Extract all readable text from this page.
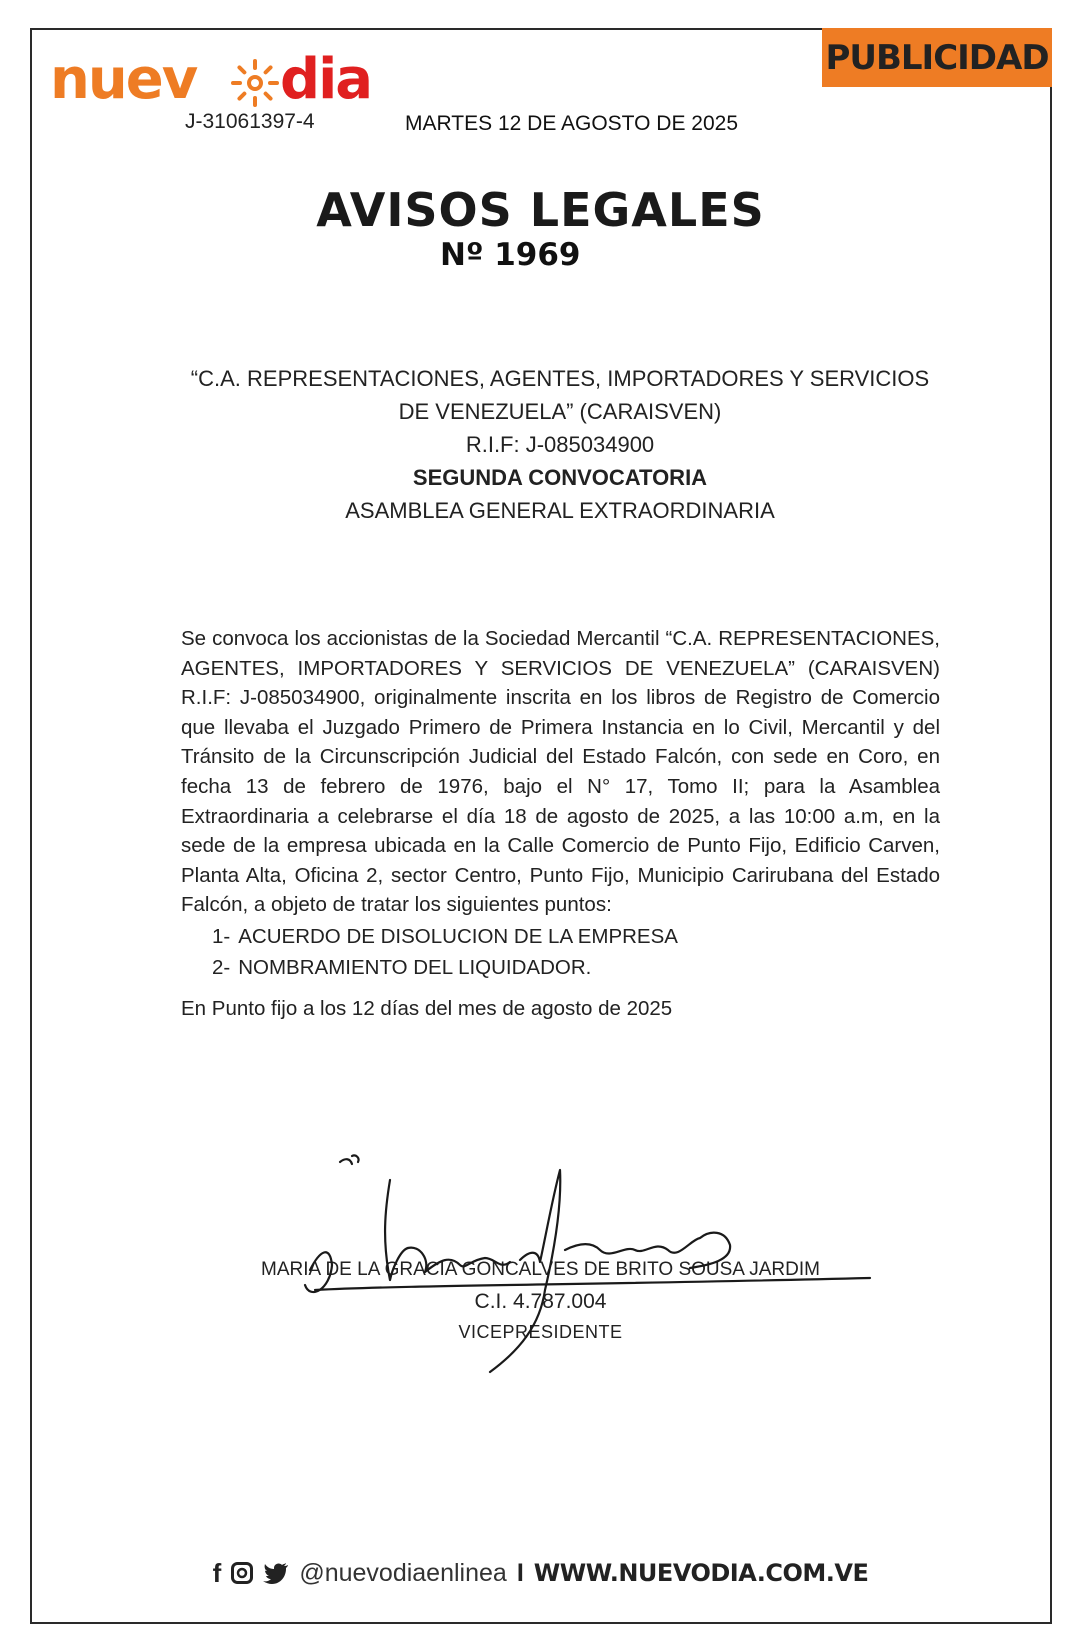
nuev dia
J-31061397-4	MARTES 12 DE AGOSTO DE 2025
PUBLICIDAD
AVISOS LEGALES
Nº 1969
“C.A. REPRESENTACIONES, AGENTES, IMPORTADORES Y SERVICIOS
DE VENEZUELA” (CARAISVEN)
R.I.F: J-085034900
SEGUNDA CONVOCATORIA
ASAMBLEA GENERAL EXTRAORDINARIA
Se convoca los accionistas de la Sociedad Mercantil “C.A. REPRESENTACIONES, AGENTES, IMPORTADORES Y SERVICIOS DE VENEZUELA” (CARAISVEN) R.I.F: J-085034900, originalmente inscrita en los libros de Registro de Comercio que llevaba el Juzgado Primero de Primera Instancia en lo Civil, Mercantil y del Tránsito de la Circunscripción Judicial del Estado Falcón, con sede en Coro, en fecha 13 de febrero de 1976, bajo el N° 17, Tomo II; para la Asamblea Extraordinaria a celebrarse el día 18 de agosto de 2025, a las 10:00 a.m, en la sede de la empresa ubicada en la Calle Comercio de Punto Fijo, Edificio Carven, Planta Alta, Oficina 2, sector Centro, Punto Fijo, Municipio Carirubana del Estado Falcón, a objeto de tratar los siguientes puntos:
1- ACUERDO DE DISOLUCION DE LA EMPRESA
2- NOMBRAMIENTO DEL LIQUIDADOR.
En Punto fijo a los 12 días del mes de agosto de 2025
MARIA DE LA GRACIA GONCALVES DE BRITO SOUSA JARDIM
C.I. 4.787.004
VICEPRESIDENTE
f	@nuevodiaenlinea I WWW.NUEVODIA.COM.VE
